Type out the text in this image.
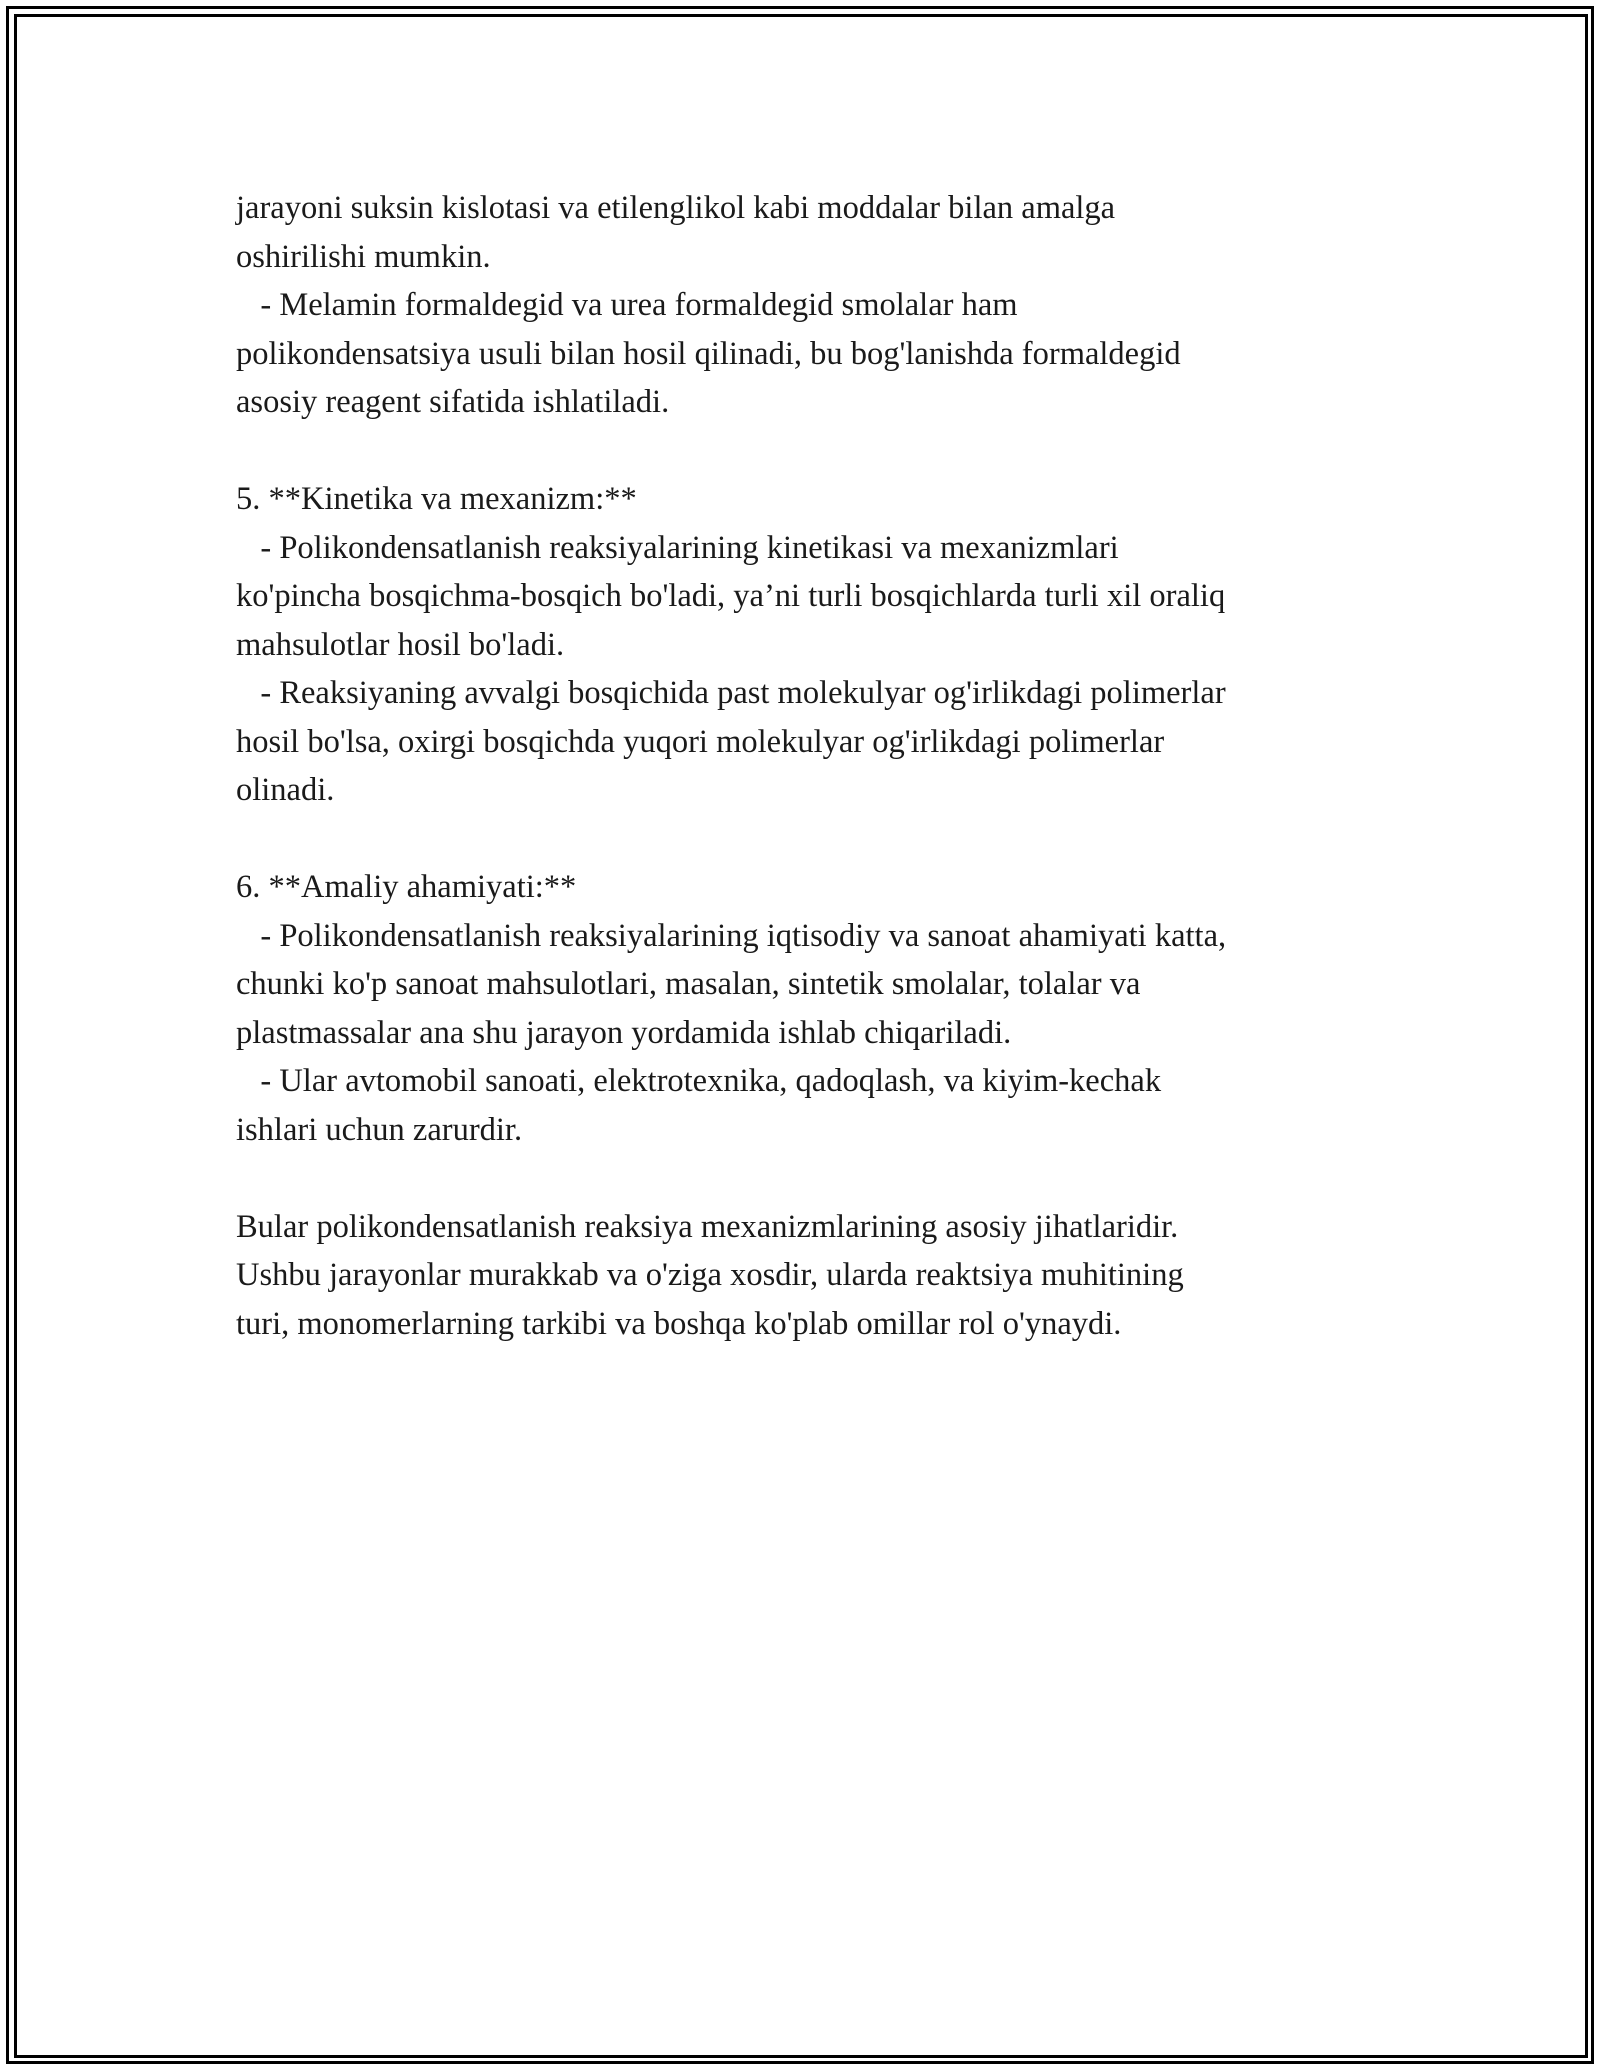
jarayoni suksin kislotasi va etilenglikol kabi moddalar bilan amalga
oshirilishi mumkin.
- Melamin formaldegid va urea formaldegid smolalar ham
polikondensatsiya usuli bilan hosil qilinadi, bu bog'lanishda formaldegid
asosiy reagent sifatida ishlatiladi.
5. **Kinetika va mexanizm:**
- Polikondensatlanish reaksiyalarining kinetikasi va mexanizmlari
ko'pincha bosqichma-bosqich bo'ladi, ya’ni turli bosqichlarda turli xil oraliq
mahsulotlar hosil bo'ladi.
- Reaksiyaning avvalgi bosqichida past molekulyar og'irlikdagi polimerlar
hosil bo'lsa, oxirgi bosqichda yuqori molekulyar og'irlikdagi polimerlar
olinadi.
6. **Amaliy ahamiyati:**
- Polikondensatlanish reaksiyalarining iqtisodiy va sanoat ahamiyati katta,
chunki ko'p sanoat mahsulotlari, masalan, sintetik smolalar, tolalar va
plastmassalar ana shu jarayon yordamida ishlab chiqariladi.
- Ular avtomobil sanoati, elektrotexnika, qadoqlash, va kiyim-kechak
ishlari uchun zarurdir.
Bular polikondensatlanish reaksiya mexanizmlarining asosiy jihatlaridir.
Ushbu jarayonlar murakkab va o'ziga xosdir, ularda reaktsiya muhitining
turi, monomerlarning tarkibi va boshqa ko'plab omillar rol o'ynaydi.
